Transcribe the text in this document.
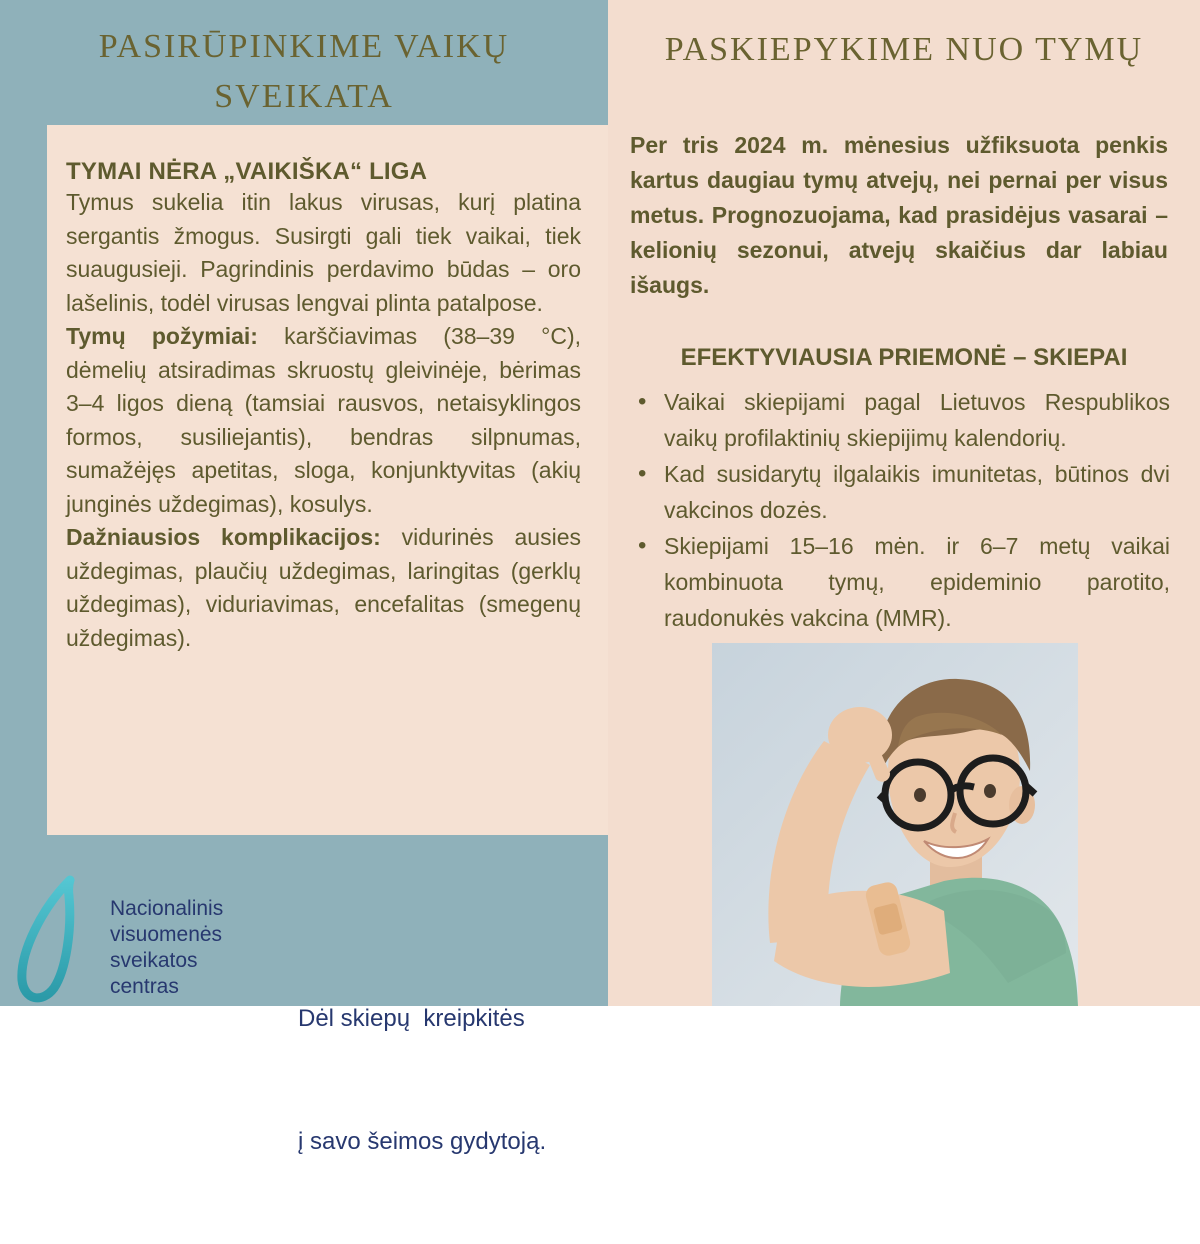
PASIRŪPINKIME VAIKŲ
SVEIKATA
TYMAI NĖRA „VAIKIŠKA“ LIGA

Tymus sukelia itin lakus virusas, kurį platina sergantis žmogus. Susirgti gali tiek vaikai, tiek suaugusieji. Pagrindinis perdavimo būdas – oro lašelinis, todėl virusas lengvai plinta patalpose.

Tymų požymiai: karščiavimas (38–39 °C), dėmelių atsiradimas skruostų gleivinėje, bėrimas 3–4 ligos dieną (tamsiai rausvos, netaisyklingos formos, susiliejantis), bendras silpnumas, sumažėjęs apetitas, sloga, konjunktyvitas (akių junginės uždegimas), kosulys.

Dažniausios komplikacijos: vidurinės ausies uždegimas, plaučių uždegimas, laringitas (gerklų uždegimas), viduriavimas, encefalitas (smegenų uždegimas).

Nacionalinis
visuomenės
sveikatos
centras

Dėl skiepų  kreipkitės

į savo šeimos gydytoją.

PASKIEPYKIME NUO TYMŲ

Per tris 2024 m. mėnesius užfiksuota penkis kartus daugiau tymų atvejų, nei pernai per visus metus. Prognozuojama, kad prasidėjus vasarai – kelionių sezonui, atvejų skaičius dar labiau išaugs.

EFEKTYVIAUSIA PRIEMONĖ – SKIEPAI
• Vaikai skiepijami pagal Lietuvos Respublikos vaikų profilaktinių skiepijimų kalendorių.
• Kad susidarytų ilgalaikis imunitetas, būtinos dvi vakcinos dozės.
• Skiepijami 15–16 mėn. ir 6–7 metų vaikai kombinuota tymų, epideminio parotito, raudonukės vakcina (MMR).
